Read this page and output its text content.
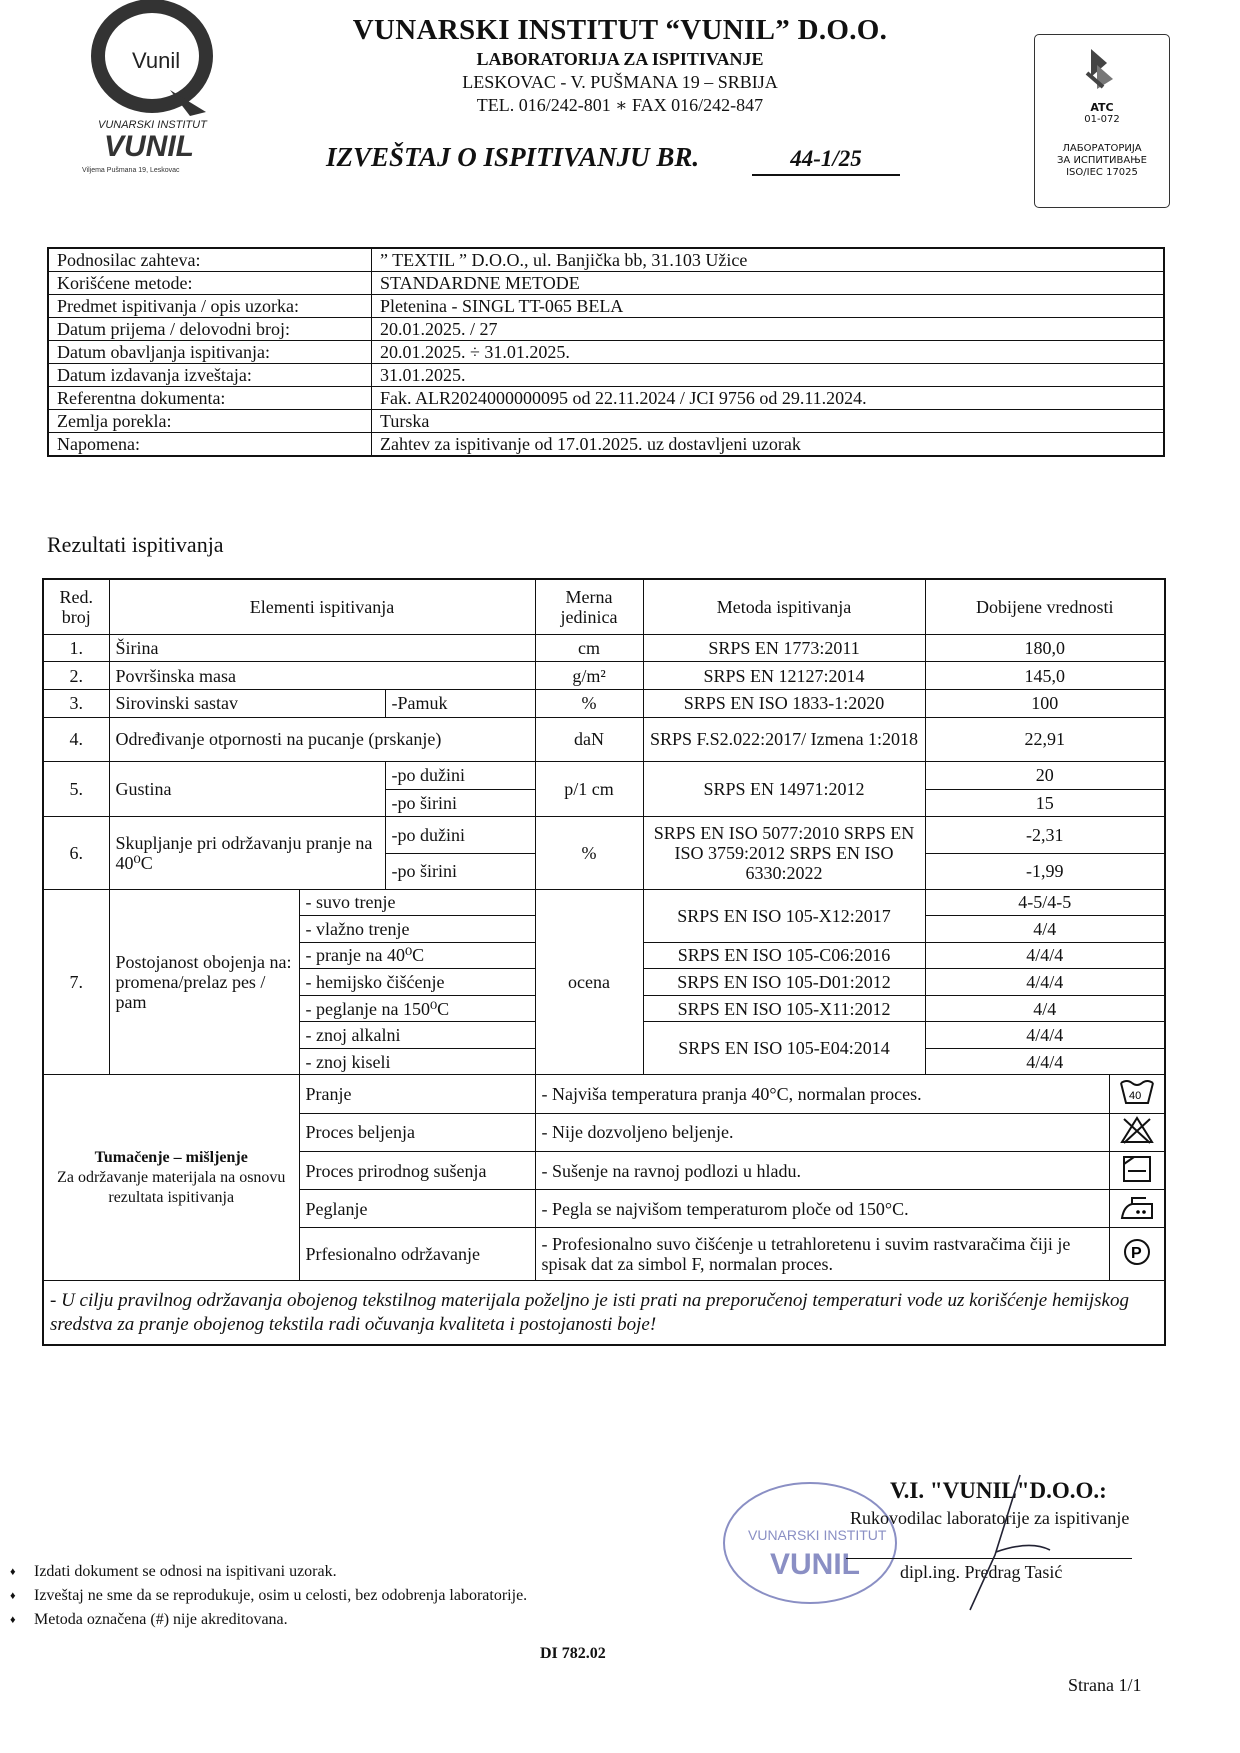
Vunil
VUNARSKI INSTITUT
VUNIL
Viljema Pušmana 19, Leskovac
VUNARSKI INSTITUT “VUNIL” D.O.O.
LABORATORIJA ZA ISPITIVANJE
LESKOVAC - V. PUŠMANA 19 – SRBIJA
TEL. 016/242-801 ∗ FAX 016/242-847
IZVEŠTAJ O ISPITIVANJU BR.	44-1/25
ATC
01-072
ЛАБОРАТОРИЈА
ЗА ИСПИТИВАЊЕ
ISO/IEC 17025
Podnosilac zahteva:	” TEXTIL ” D.O.O., ul. Banjička bb, 31.103 Užice
Korišćene metode:	STANDARDNE METODE
Predmet ispitivanja / opis uzorka:	Pletenina - SINGL TT-065 BELA
Datum prijema / delovodni broj:	20.01.2025. / 27
Datum obavljanja ispitivanja:	20.01.2025. ÷ 31.01.2025.
Datum izdavanja izveštaja:	31.01.2025.
Referentna dokumenta:	Fak. ALR2024000000095 od 22.11.2024 / JCI 9756 od 29.11.2024.
Zemlja porekla:	Turska
Napomena:	Zahtev za ispitivanje od 17.01.2025. uz dostavljeni uzorak
Rezultati ispitivanja
Red. broj	Elementi ispitivanja			Merna jedinica	Metoda ispitivanja	Dobijene vrednosti	
1.	Širina			cm	SRPS EN 1773:2011	180,0	
2.	Površinska masa			g/m²	SRPS EN 12127:2014	145,0	
3.	Sirovinski sastav		-Pamuk	%	SRPS EN ISO 1833-1:2020	100	
4.	Određivanje otpornosti na pucanje (prskanje)			daN	SRPS F.S2.022:2017/ Izmena 1:2018	22,91	
5.	Gustina		-po dužini	p/1 cm	SRPS EN 14971:2012	20	
			-po širini			15	
6.	Skupljanje pri održavanju pranje na 40⁰C		-po dužini	%	SRPS EN ISO 5077:2010 SRPS EN ISO 3759:2012 SRPS EN ISO 6330:2022	-2,31	
			-po širini			-1,99	
7.	Postojanost obojenja na: promena/prelaz pes / pam	- suvo trenje		ocena	SRPS EN ISO 105-X12:2017	4-5/4-5	
		- vlažno trenje				4/4	
		- pranje na 40⁰C			SRPS EN ISO 105-C06:2016	4/4/4	
		- hemijsko čišćenje			SRPS EN ISO 105-D01:2012	4/4/4	
		- peglanje na 150⁰C			SRPS EN ISO 105-X11:2012	4/4	
		- znoj alkalni			SRPS EN ISO 105-E04:2014	4/4/4	
		- znoj kiseli				4/4/4	

Tumačenje – mišljenje
Za održavanje materijala na osnovu rezultata ispitivanja		Pranje		- Najviša temperatura pranja 40°C, normalan proces.			40

		Proces beljenja		- Nije dozvoljeno beljenje.	
		Proces prirodnog sušenja		- Sušenje na ravnoj podlozi u hladu.	
		Peglanje		- Pegla se najvišom temperaturom ploče od 150°C.	
		Prfesionalno održavanje		- Profesionalno suvo čišćenje u tetrahloretenu i suvim rastvaračima čiji je spisak dat za simbol F, normalan proces.			P

- U cilju pravilnog održavanja obojenog tekstilnog materijala poželjno je isti prati na preporučenoj temperaturi vode uz korišćenje hemijskog sredstva za pranje obojenog tekstila radi očuvanja kvaliteta i postojanosti boje!							
VUNARSKI INSTITUT
VUNIL
V.I. "VUNIL"D.O.O.:
Rukovodilac laboratorije za ispitivanje
dipl.ing. Predrag Tasić
♦ Izdati dokument se odnosi na ispitivani uzorak.
♦ Izveštaj ne sme da se reprodukuje, osim u celosti, bez odobrenja laboratorije.
♦ Metoda označena (#) nije akreditovana.
DI 782.02
Strana 1/1
